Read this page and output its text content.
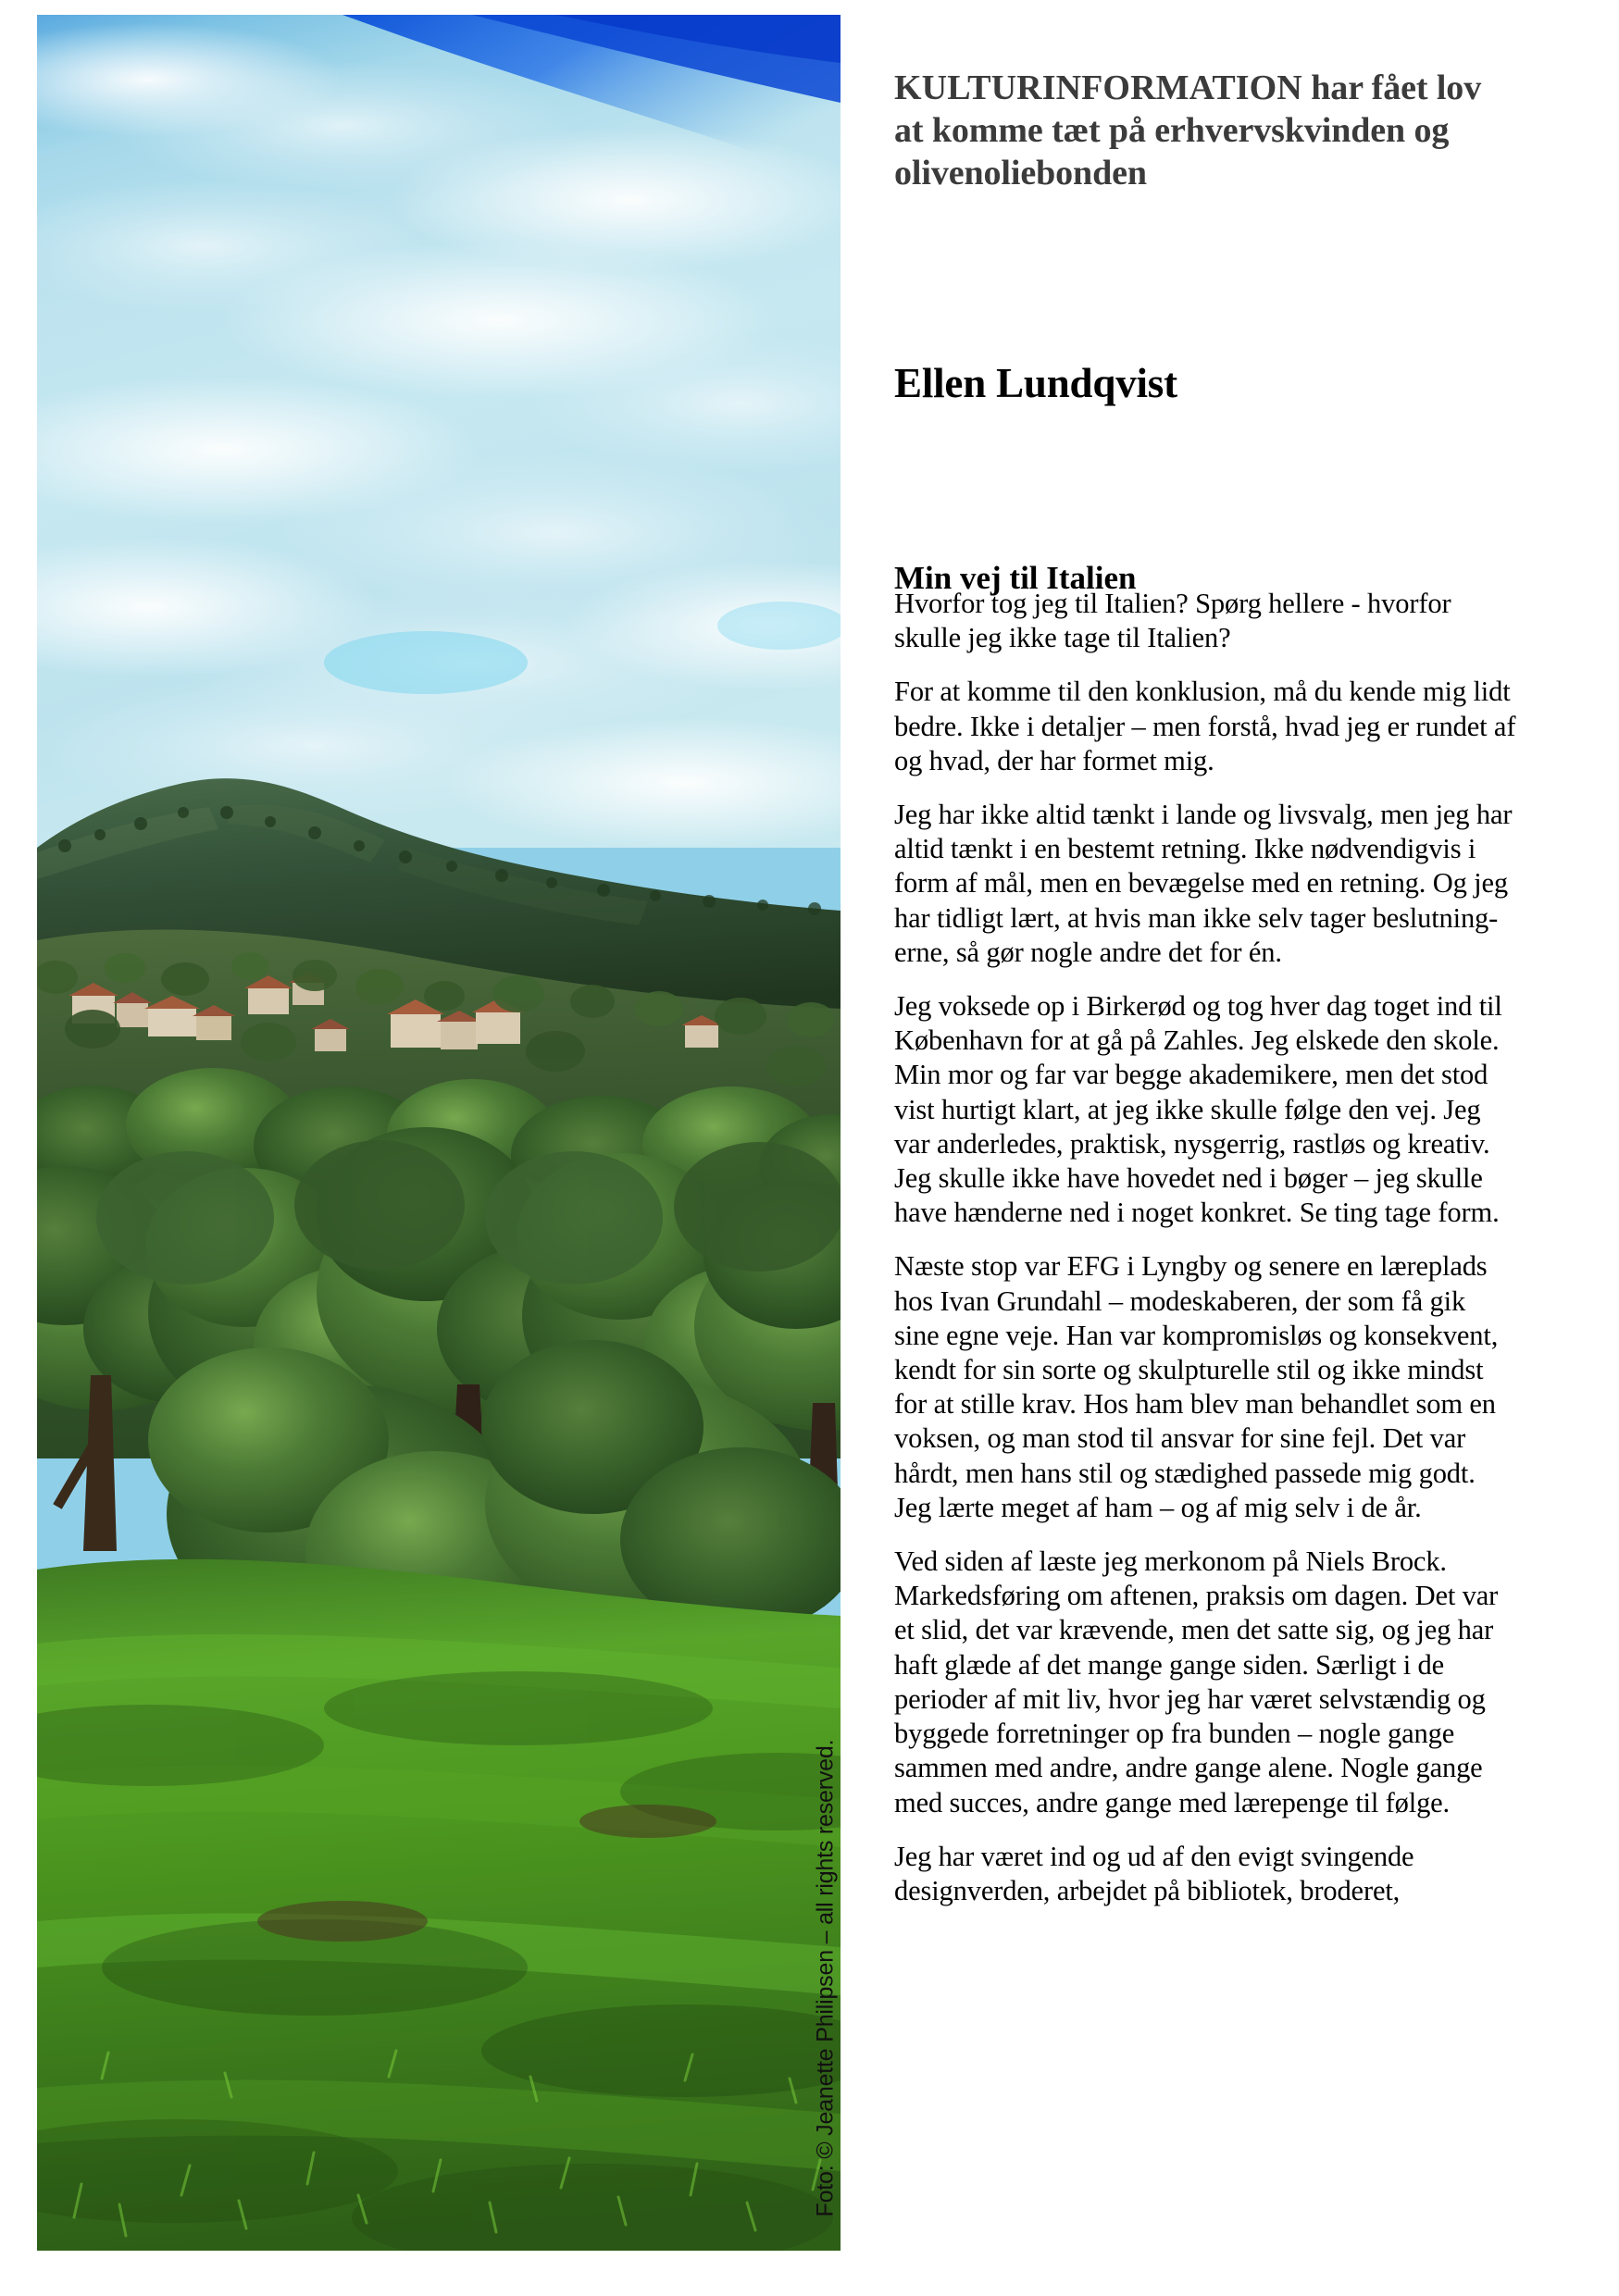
Foto: © Jeanette Philipsen – all rights reserved.
KULTURINFORMATION har fået lov at komme tæt på erhvervskvinden og olivenoliebonden
Ellen Lundqvist
Min vej til Italien

Hvorfor tog jeg til Italien? Spørg hellere - hvorfor skulle jeg ikke tage til Italien?

For at komme til den konklusion, må du kende mig lidt bedre. Ikke i detaljer – men forstå, hvad jeg er rundet af og hvad, der har formet mig.

Jeg har ikke altid tænkt i lande og livsvalg, men jeg har altid tænkt i en bestemt retning. Ikke nødvendigvis i form af mål, men en bevægelse med en retning. Og jeg har tidligt lært, at hvis man ikke selv tager beslutningerne, så gør nogle andre det for én.

Jeg voksede op i Birkerød og tog hver dag toget ind til København for at gå på Zahles. Jeg elskede den skole. Min mor og far var begge akademikere, men det stod vist hurtigt klart, at jeg ikke skulle følge den vej. Jeg var anderledes, praktisk, nysgerrig, rastløs og kreativ. Jeg skulle ikke have hovedet ned i bøger – jeg skulle have hænderne ned i noget konkret. Se ting tage form.

Næste stop var EFG i Lyngby og senere en læreplads hos Ivan Grundahl – modeskaberen, der som få gik sine egne veje. Han var kompromisløs og konsekvent, kendt for sin sorte og skulpturelle stil og ikke mindst for at stille krav. Hos ham blev man behandlet som en voksen, og man stod til ansvar for sine fejl. Det var hårdt, men hans stil og stædighed passede mig godt. Jeg lærte meget af ham – og af mig selv i de år.

Ved siden af læste jeg merkonom på Niels Brock. Markedsføring om aftenen, praksis om dagen. Det var et slid, det var krævende, men det satte sig, og jeg har haft glæde af det mange gange siden. Særligt i de perioder af mit liv, hvor jeg har været selvstændig og byggede forretninger op fra bunden – nogle gange sammen med andre, andre gange alene. Nogle gange med succes, andre gange med lærepenge til følge.

Jeg har været ind og ud af den evigt svingende designverden, arbejdet på bibliotek, broderet,
